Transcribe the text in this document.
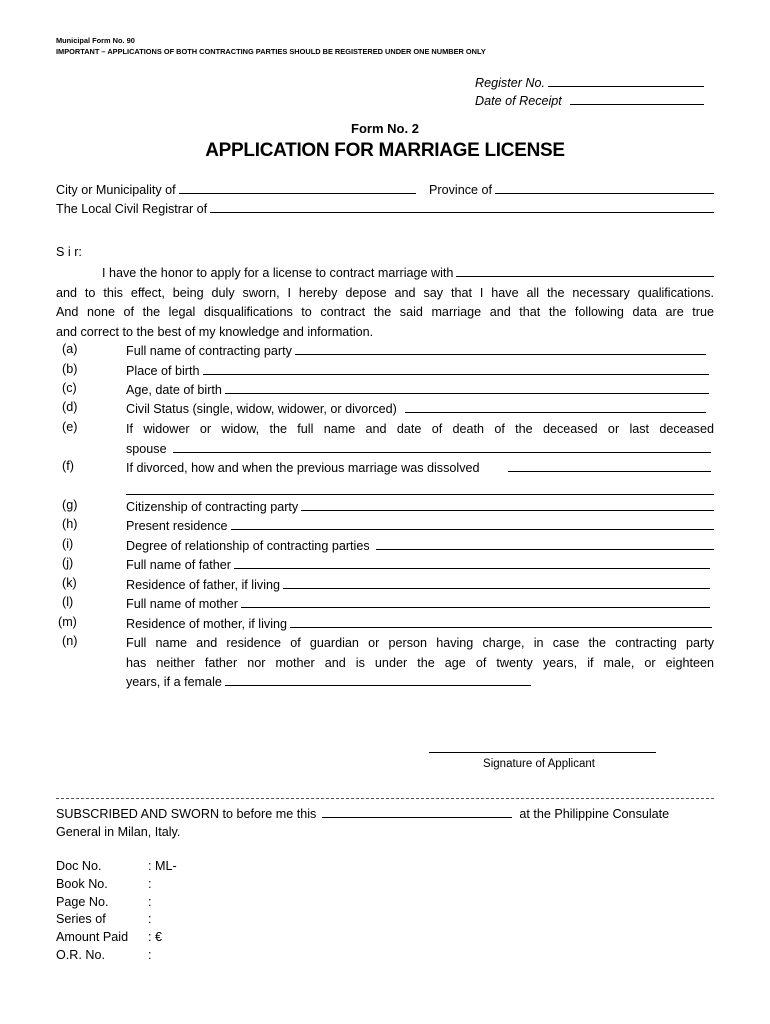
Municipal Form No. 90
IMPORTANT – APPLICATIONS OF BOTH CONTRACTING PARTIES SHOULD BE REGISTERED UNDER ONE NUMBER ONLY
Register No.
Date of Receipt
Form No. 2
APPLICATION FOR MARRIAGE LICENSE
City or Municipality of	Province of
The Local Civil Registrar of
S i r:
I have the honor to apply for a license to contract marriage with
and to this effect, being duly sworn, I hereby depose and say that I have all the necessary qualifications.
And none of the legal disqualifications to contract the said marriage and that the following data are true
and correct to the best of my knowledge and information.
(a)	Full name of contracting party
(b)	Place of birth
(c)	Age, date of birth
(d)	Civil Status (single, widow, widower, or divorced)
(e)	If widower or widow, the full name and date of death of the deceased or last deceased
spouse
(f)	If divorced, how and when the previous marriage was dissolved
(g)	Citizenship of contracting party
(h)	Present residence
(i)	Degree of relationship of contracting parties
(j)	Full name of father
(k)	Residence of father, if living
(l)	Full name of mother
(m)	Residence of mother, if living
(n)	Full name and residence of guardian or person having charge, in case the contracting party
has neither father nor mother and is under the age of twenty years, if male, or eighteen
years, if a female
Signature of Applicant
SUBSCRIBED AND SWORN to before me this	at the Philippine Consulate
General in Milan, Italy.
Doc No.	: ML-
Book No.	:
Page No.	:
Series of	:
Amount Paid : €
O.R. No.	:
